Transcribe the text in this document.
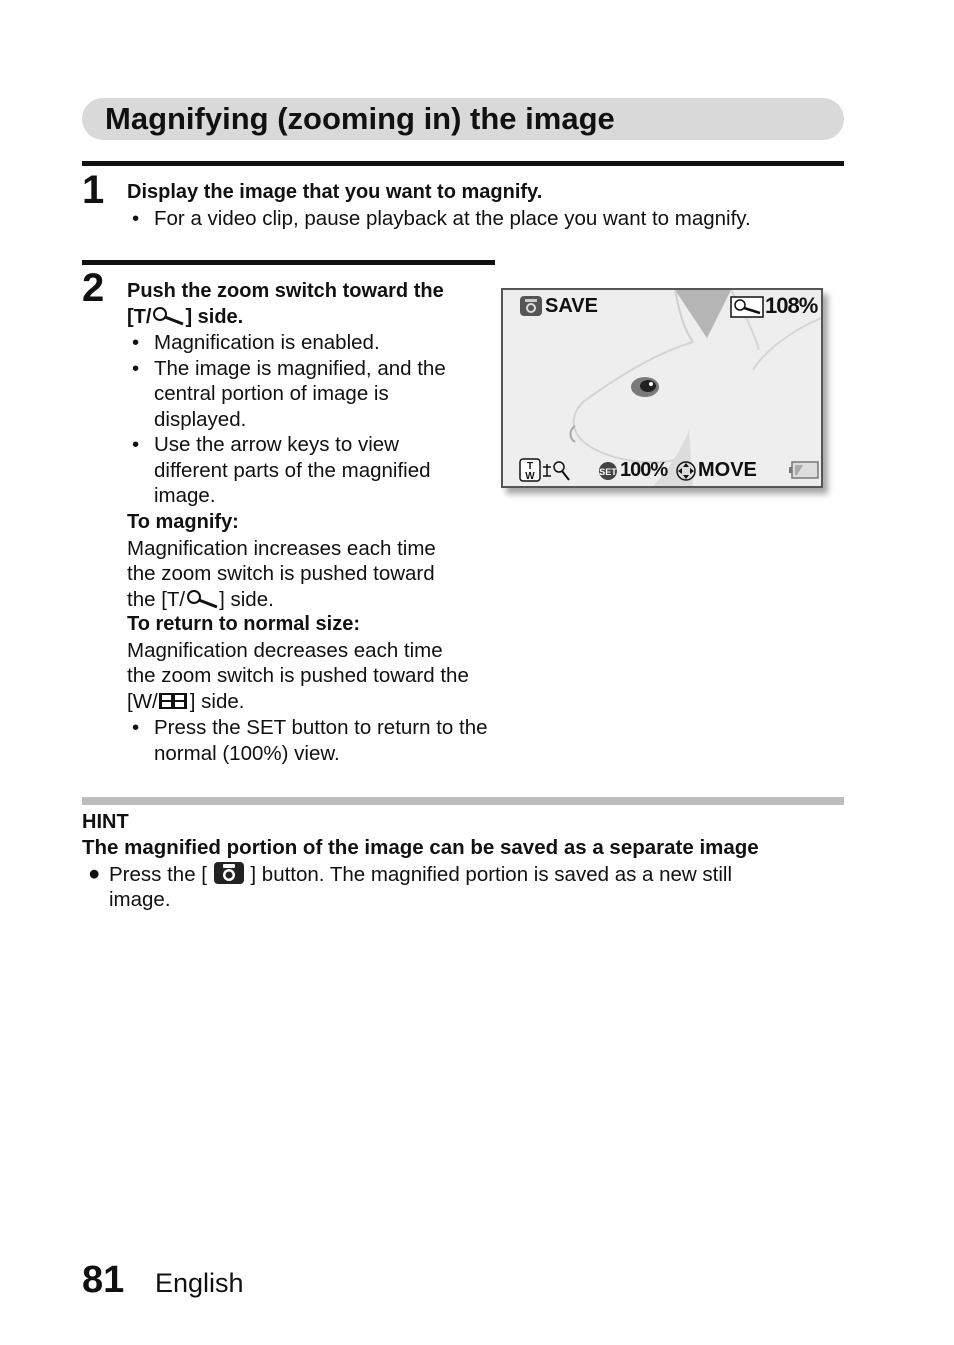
Magnifying (zooming in) the image
1 Display the image that you want to magnify.
• For a video clip, pause playback at the place you want to magnify.
2 Push the zoom switch toward the
[T/ ] side.
• Magnification is enabled.
• The image is magnified, and the
central portion of image is
displayed.
• Use the arrow keys to view
different parts of the magnified
image.
To magnify:
Magnification increases each time
the zoom switch is pushed toward
the [T/ ] side.
To return to normal size:
Magnification decreases each time
the zoom switch is pushed toward the
[W/ ] side.
• Press the SET button to return to the
normal (100%) view.
SAVE	108%
T
W	SET 100% MOVE
HINT
The magnified portion of the image can be saved as a separate image
● Press the [ ] button. The magnified portion is saved as a new still
image.
81 English
